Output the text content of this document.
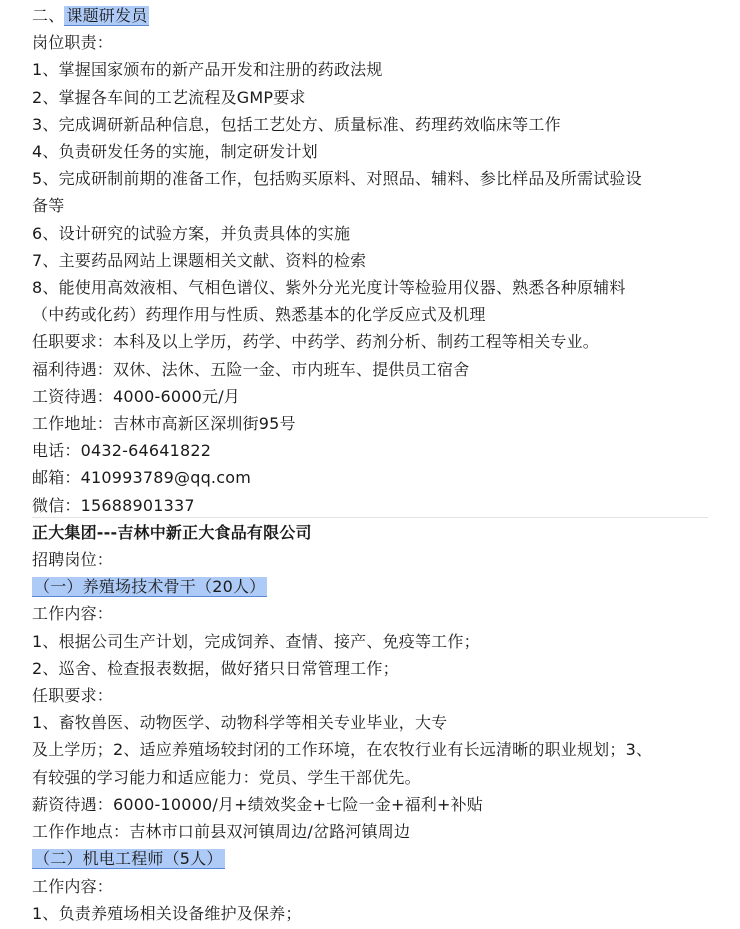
二、 课题研发员
岗位职责：
1、掌握国家颁布的新产品开发和注册的药政法规
2、掌握各车间的工艺流程及GMP要求
3、完成调研新品种信息，包括工艺处方、质量标准、药理药效临床等工作
4、负责研发任务的实施，制定研发计划
5、完成研制前期的准备工作，包括购买原料、对照品、辅料、参比样品及所需试验设
备等
6、设计研究的试验方案，并负责具体的实施
7、主要药品网站上课题相关文献、资料的检索
8、能使用高效液相、气相色谱仪、紫外分光光度计等检验用仪器、熟悉各种原辅料
（中药或化药）药理作用与性质、熟悉基本的化学反应式及机理
任职要求：本科及以上学历，药学、中药学、药剂分析、制药工程等相关专业。
福利待遇：双休、法休、五险一金、市内班车、提供员工宿舍
工资待遇：4000-6000元/月
工作地址：吉林市高新区深圳街95号
电话：0432-64641822
邮箱：410993789@qq.com
微信：15688901337
正大集团---吉林中新正大食品有限公司
招聘岗位：
（一）养殖场技术骨干（20人）
工作内容：
1、根据公司生产计划，完成饲养、查情、接产、免疫等工作；
2、巡舍、检查报表数据，做好猪只日常管理工作；
任职要求：
1、畜牧兽医、动物医学、动物科学等相关专业毕业，大专
及上学历；2、适应养殖场较封闭的工作环境，在农牧行业有长远清晰的职业规划；3、
有较强的学习能力和适应能力：党员、学生干部优先。
薪资待遇：6000-10000/月+绩效奖金+七险一金+福利+补贴
工作作地点：吉林市口前县双河镇周边/岔路河镇周边
（二）机电工程师（5人）
工作内容：
1、负责养殖场相关设备维护及保养；
